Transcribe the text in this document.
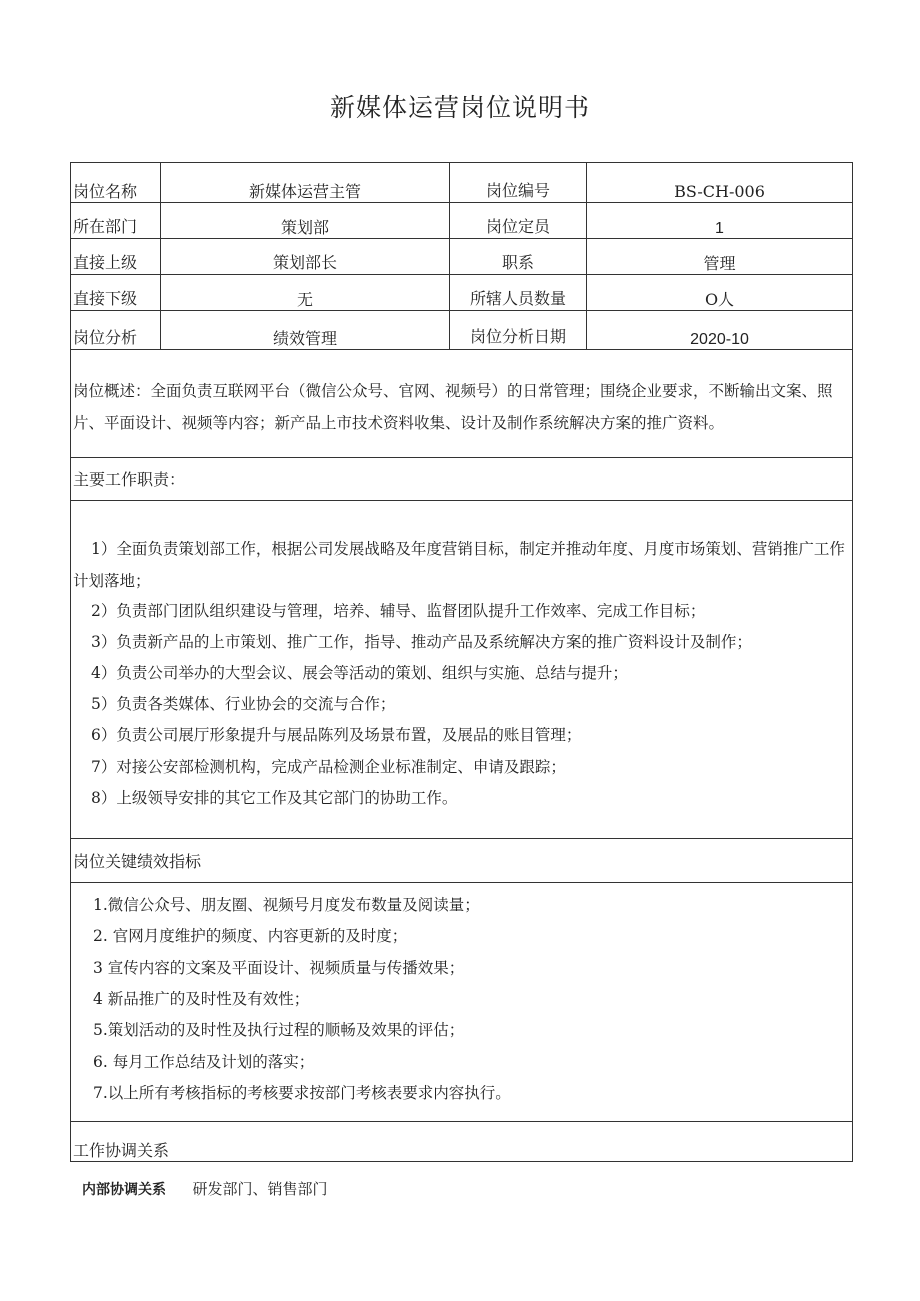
新媒体运营岗位说明书
岗位名称	新媒体运营主管	岗位编号	BS-CH-006
所在部门	策划部	岗位定员	1
直接上级	策划部长	职系	管理
直接下级	无	所辖人员数量	O人
岗位分析	绩效管理	岗位分析日期	2020-10
岗位概述：全面负责互联网平台（微信公众号、官网、视频号）的日常管理；围绕企业要求，不断输出文案、照片、平面设计、视频等内容；新产品上市技术资料收集、设计及制作系统解决方案的推广资料。
主要工作职责：
1）全面负责策划部工作，根据公司发展战略及年度营销目标，制定并推动年度、月度市场策划、营销推广工作计划落地；
2）负责部门团队组织建设与管理，培养、辅导、监督团队提升工作效率、完成工作目标；
3）负责新产品的上市策划、推广工作，指导、推动产品及系统解决方案的推广资料设计及制作；
4）负责公司举办的大型会议、展会等活动的策划、组织与实施、总结与提升；
5）负责各类媒体、行业协会的交流与合作；
6）负责公司展厅形象提升与展品陈列及场景布置，及展品的账目管理；
7）对接公安部检测机构，完成产品检测企业标准制定、申请及跟踪；
8）上级领导安排的其它工作及其它部门的协助工作。
岗位关键绩效指标
1.微信公众号、朋友圈、视频号月度发布数量及阅读量；
2. 官网月度维护的频度、内容更新的及时度；
3 宣传内容的文案及平面设计、视频质量与传播效果；
4 新品推广的及时性及有效性；
5.策划活动的及时性及执行过程的顺畅及效果的评估；
6. 每月工作总结及计划的落实；
7.以上所有考核指标的考核要求按部门考核表要求内容执行。
工作协调关系
内部协调关系 研发部门、销售部门
